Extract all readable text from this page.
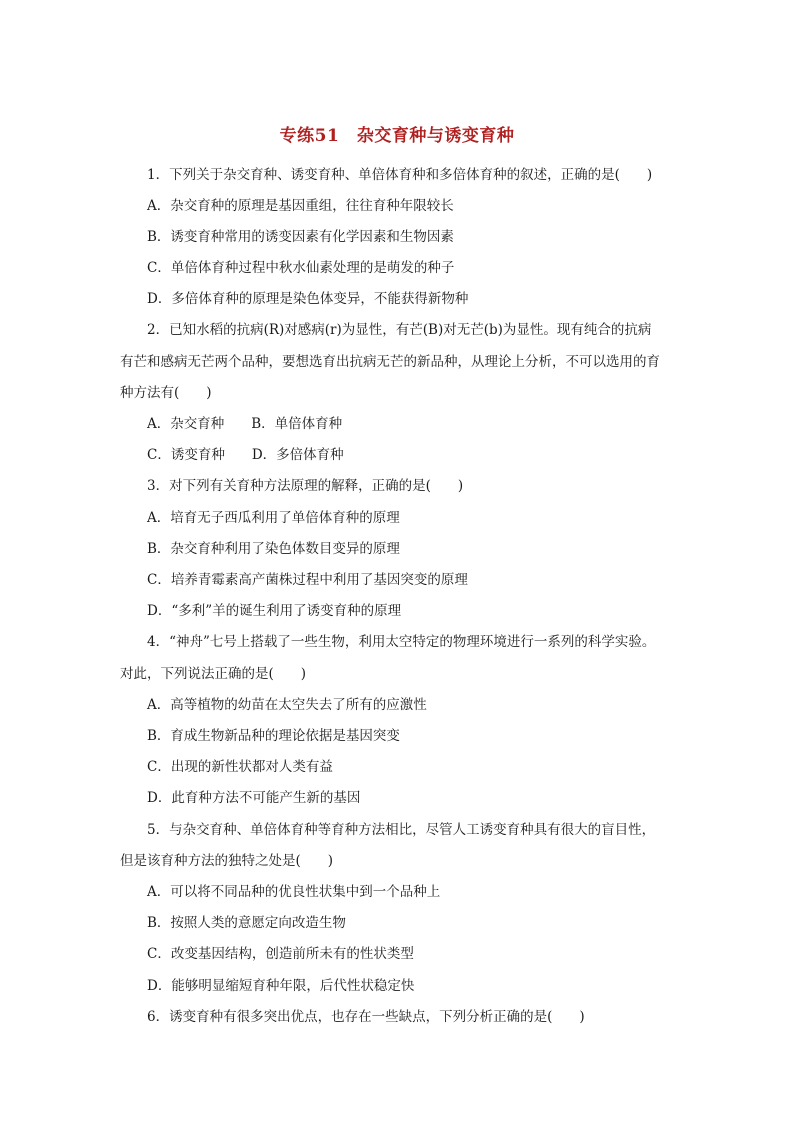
专练51　杂交育种与诱变育种
1．下列关于杂交育种、诱变育种、单倍体育种和多倍体育种的叙述，正确的是(　　)
A．杂交育种的原理是基因重组，往往育种年限较长
B．诱变育种常用的诱变因素有化学因素和生物因素
C．单倍体育种过程中秋水仙素处理的是萌发的种子
D．多倍体育种的原理是染色体变异，不能获得新物种
2．已知水稻的抗病(R)对感病(r)为显性，有芒(B)对无芒(b)为显性。现有纯合的抗病
有芒和感病无芒两个品种，要想选育出抗病无芒的新品种，从理论上分析，不可以选用的育
种方法有(　　)
A．杂交育种　　B．单倍体育种
C．诱变育种　　D．多倍体育种
3．对下列有关育种方法原理的解释，正确的是(　　)
A．培育无子西瓜利用了单倍体育种的原理
B．杂交育种利用了染色体数目变异的原理
C．培养青霉素高产菌株过程中利用了基因突变的原理
D．“多利”羊的诞生利用了诱变育种的原理
4．“神舟”七号上搭载了一些生物，利用太空特定的物理环境进行一系列的科学实验。
对此，下列说法正确的是(　　)
A．高等植物的幼苗在太空失去了所有的应激性
B．育成生物新品种的理论依据是基因突变
C．出现的新性状都对人类有益
D．此育种方法不可能产生新的基因
5．与杂交育种、单倍体育种等育种方法相比，尽管人工诱变育种具有很大的盲目性，
但是该育种方法的独特之处是(　　)
A．可以将不同品种的优良性状集中到一个品种上
B．按照人类的意愿定向改造生物
C．改变基因结构，创造前所未有的性状类型
D．能够明显缩短育种年限，后代性状稳定快
6．诱变育种有很多突出优点，也存在一些缺点，下列分析正确的是(　　)
